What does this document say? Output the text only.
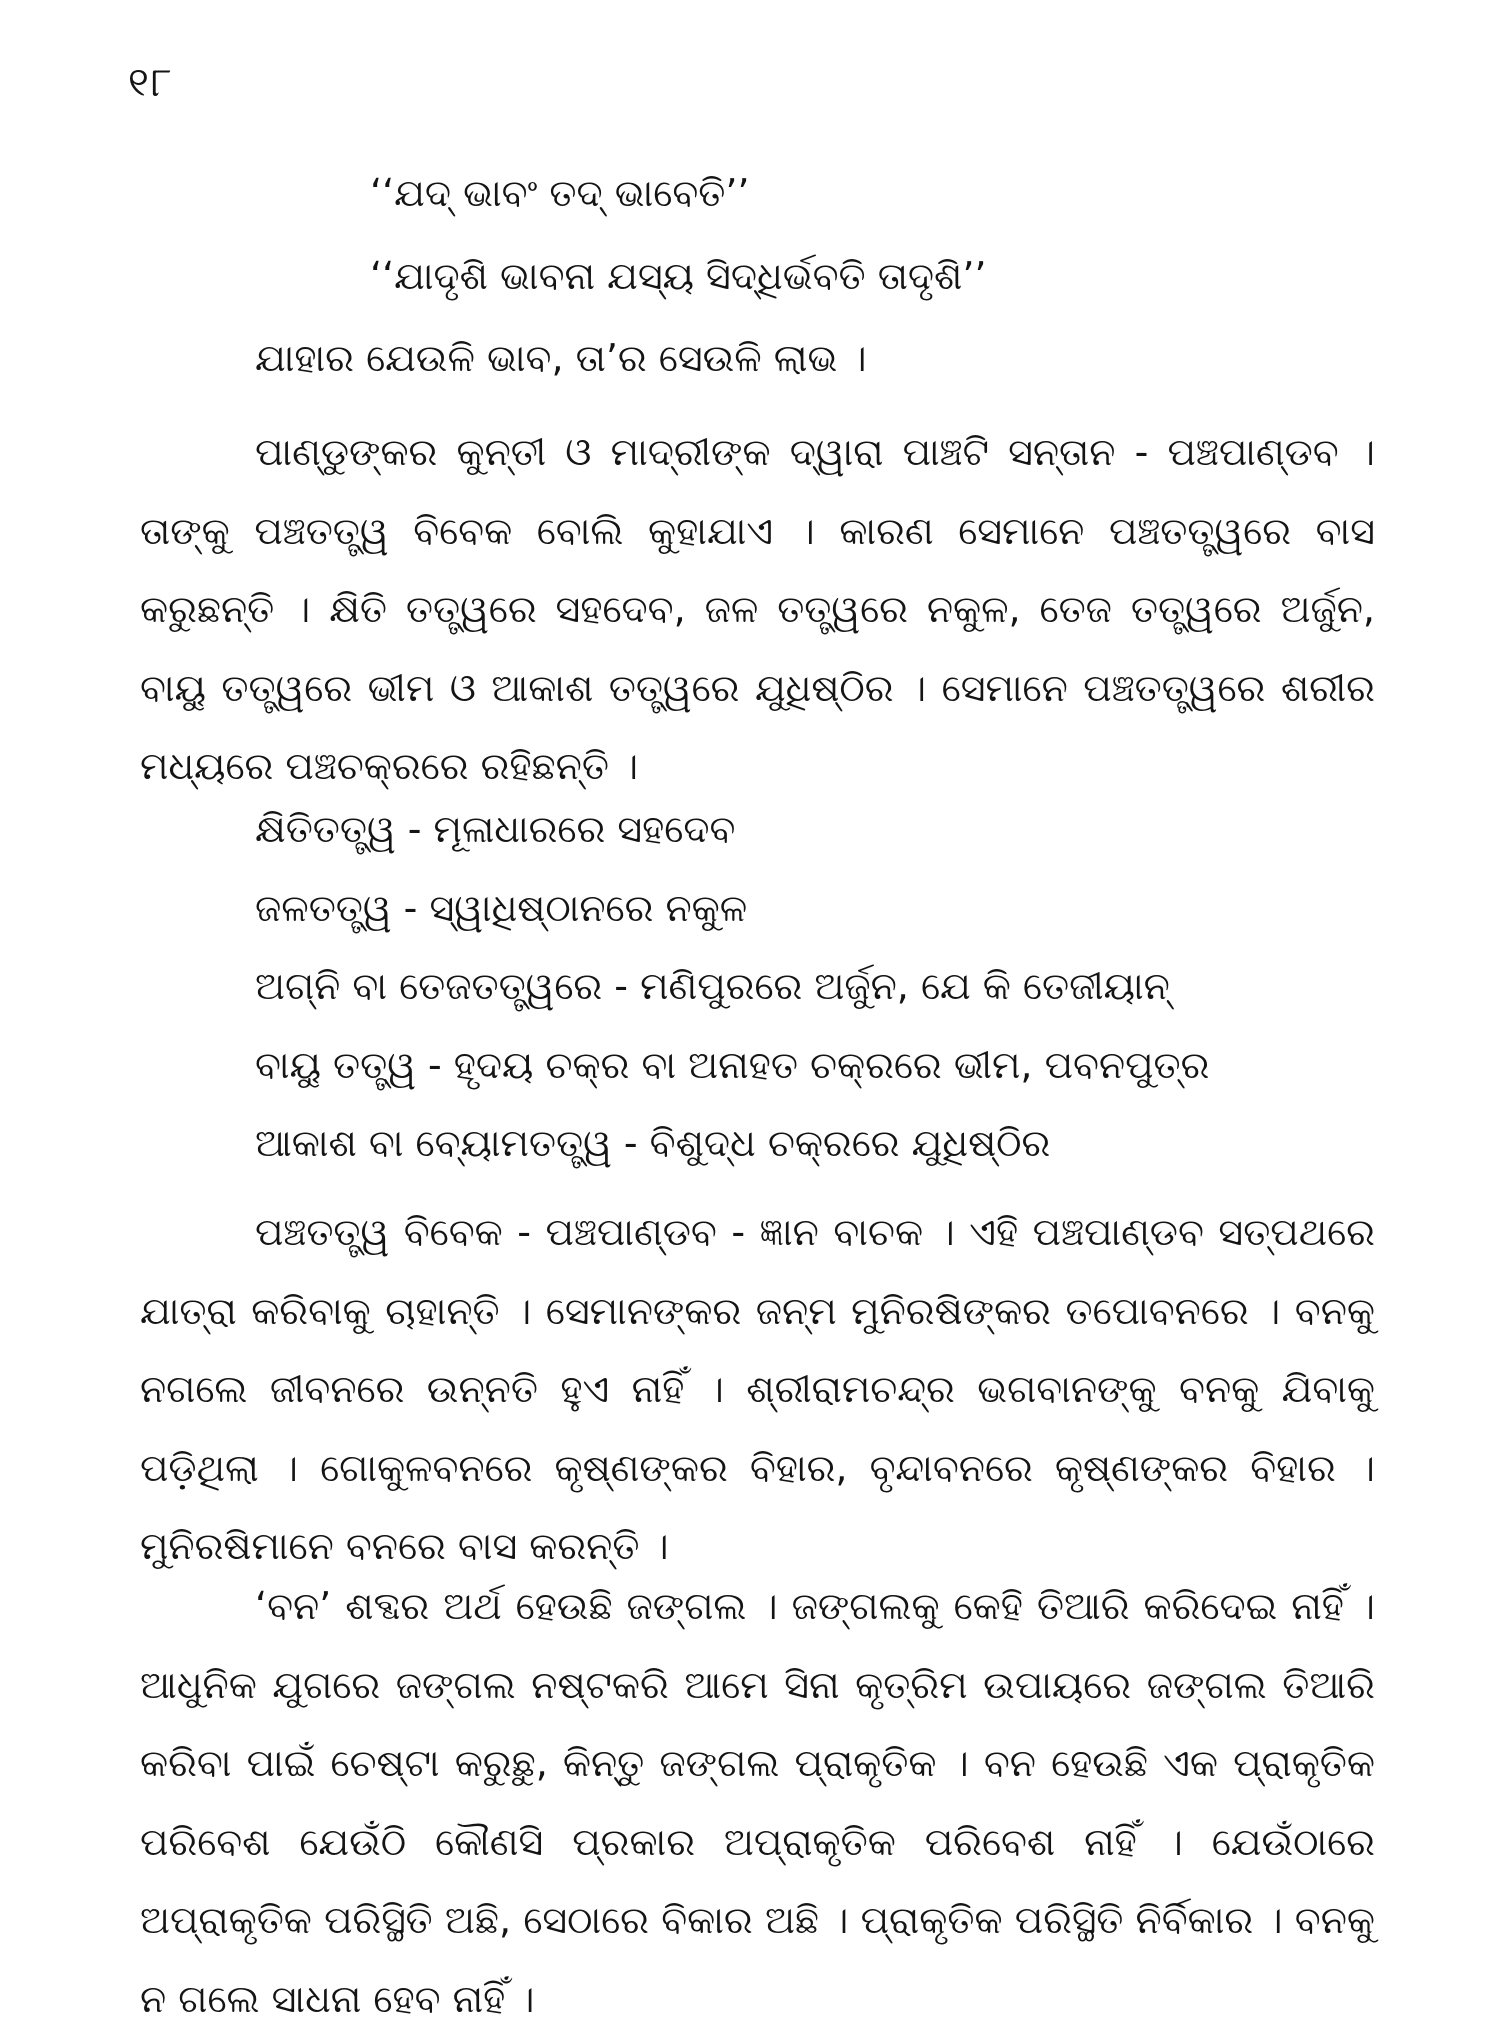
୧୮
‘‘ଯଦ୍ ଭାବଂ ତଦ୍ ଭାବେତି’’
‘‘ଯାଦୃଶି ଭାବନା ଯସ୍ୟ ସିଦ୍ଧିର୍ଭବତି ତାଦୃଶି’’
ଯାହାର ଯେଉଳି ଭାବ, ତା’ର ସେଉଳି ଲାଭ ।

ପାଣ୍ଡୁଙ୍କର କୁନ୍ତୀ ଓ ମାଦ୍ରୀଙ୍କ ଦ୍ୱାରା ପାଞ୍ଚଟି ସନ୍ତାନ - ପଞ୍ଚପାଣ୍ଡବ । ତାଙ୍କୁ ପଞ୍ଚତତ୍ତ୍ୱ ବିବେକ ବୋଲି କୁହାଯାଏ । କାରଣ ସେମାନେ ପଞ୍ଚତତ୍ତ୍ୱରେ ବାସ କରୁଛନ୍ତି । କ୍ଷିତି ତତ୍ତ୍ୱରେ ସହଦେବ, ଜଳ ତତ୍ତ୍ୱରେ ନକୁଳ, ତେଜ ତତ୍ତ୍ୱରେ ଅର୍ଜୁନ, ବାୟୁ ତତ୍ତ୍ୱରେ ଭୀମ ଓ ଆକାଶ ତତ୍ତ୍ୱରେ ଯୁଧିଷ୍ଠିର । ସେମାନେ ପଞ୍ଚତତ୍ତ୍ୱରେ ଶରୀର ମଧ୍ୟରେ ପଞ୍ଚଚକ୍ରରେ ରହିଛନ୍ତି ।

କ୍ଷିତିତତ୍ତ୍ୱ - ମୂଳାଧାରରେ ସହଦେବ
ଜଳତତ୍ତ୍ୱ - ସ୍ୱାଧିଷ୍ଠାନରେ ନକୁଳ
ଅଗ୍ନି ବା ତେଜତତ୍ତ୍ୱରେ - ମଣିପୁରରେ ଅର୍ଜୁନ, ଯେ କି ତେଜୀୟାନ୍
ବାୟୁ ତତ୍ତ୍ୱ - ହୃଦୟ ଚକ୍ର ବା ଅନାହତ ଚକ୍ରରେ ଭୀମ, ପବନପୁତ୍ର
ଆକାଶ ବା ବ୍ୟୋମତତ୍ତ୍ୱ - ବିଶୁଦ୍ଧ ଚକ୍ରରେ ଯୁଧିଷ୍ଠିର

ପଞ୍ଚତତ୍ତ୍ୱ ବିବେକ - ପଞ୍ଚପାଣ୍ଡବ - ଜ୍ଞାନ ବାଚକ । ଏହି ପଞ୍ଚପାଣ୍ଡବ ସତ୍‌ପଥରେ ଯାତ୍ରା କରିବାକୁ ଚାହାନ୍ତି । ସେମାନଙ୍କର ଜନ୍ମ ମୁନିରଷିଙ୍କର ତପୋବନରେ । ବନକୁ ନଗଲେ ଜୀବନରେ ଉନ୍ନତି ହୁଏ ନାହିଁ । ଶ୍ରୀରାମଚନ୍ଦ୍ର ଭଗବାନଙ୍କୁ ବନକୁ ଯିବାକୁ ପଡ଼ିଥିଲା । ଗୋକୁଳବନରେ କୃଷ୍ଣଙ୍କର ବିହାର, ବୃନ୍ଦାବନରେ କୃଷ୍ଣଙ୍କର ବିହାର । ମୁନିରଷିମାନେ ବନରେ ବାସ କରନ୍ତି ।

‘ବନ’ ଶବ୍ଦର ଅର୍ଥ ହେଉଛି ଜଙ୍ଗଲ । ଜଙ୍ଗଲକୁ କେହି ତିଆରି କରିଦେଇ ନାହିଁ । ଆଧୁନିକ ଯୁଗରେ ଜଙ୍ଗଲ ନଷ୍ଟକରି ଆମେ ସିନା କୃତ୍ରିମ ଉପାୟରେ ଜଙ୍ଗଲ ତିଆରି କରିବା ପାଇଁ ଚେଷ୍ଟା କରୁଛୁ, କିନ୍ତୁ ଜଙ୍ଗଲ ପ୍ରାକୃତିକ । ବନ ହେଉଛି ଏକ ପ୍ରାକୃତିକ ପରିବେଶ ଯେଉଁଠି କୌଣସି ପ୍ରକାର ଅପ୍ରାକୃତିକ ପରିବେଶ ନାହିଁ । ଯେଉଁଠାରେ ଅପ୍ରାକୃତିକ ପରିସ୍ଥିତି ଅଛି, ସେଠାରେ ବିକାର ଅଛି । ପ୍ରାକୃତିକ ପରିସ୍ଥିତି ନିର୍ବିକାର । ବନକୁ ନ ଗଲେ ସାଧନା ହେବ ନାହିଁ ।
